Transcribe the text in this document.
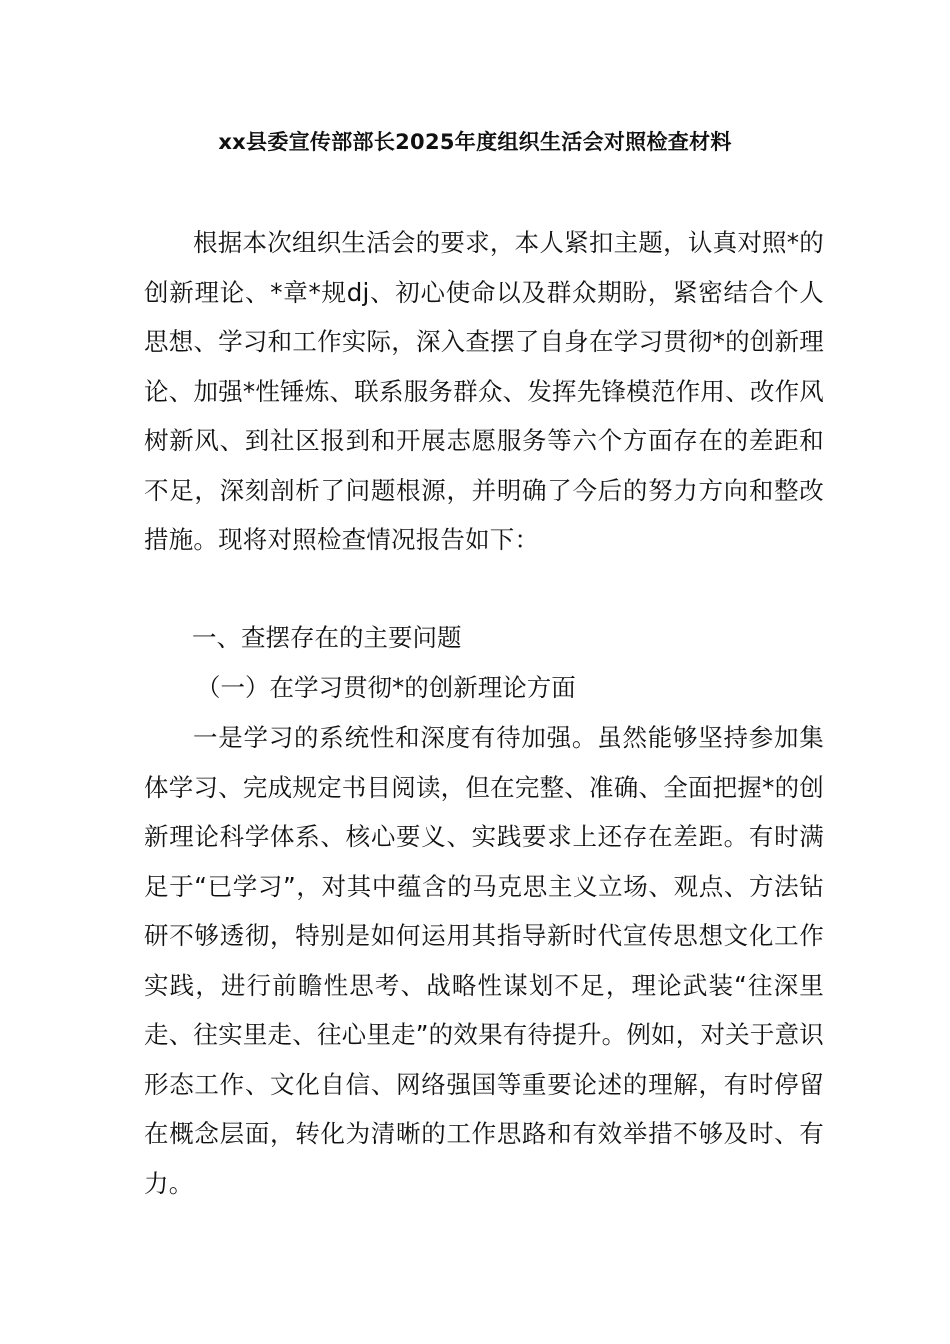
xx县委宣传部部长2025年度组织生活会对照检查材料
根据本次组织生活会的要求，本人紧扣主题，认真对照*的创新理论、*章*规dj、初心使命以及群众期盼，紧密结合个人思想、学习和工作实际，深入查摆了自身在学习贯彻*的创新理论、加强*性锤炼、联系服务群众、发挥先锋模范作用、改作风树新风、到社区报到和开展志愿服务等六个方面存在的差距和不足，深刻剖析了问题根源，并明确了今后的努力方向和整改措施。现将对照检查情况报告如下：
一、查摆存在的主要问题
（一）在学习贯彻*的创新理论方面
一是学习的系统性和深度有待加强。虽然能够坚持参加集体学习、完成规定书目阅读，但在完整、准确、全面把握*的创新理论科学体系、核心要义、实践要求上还存在差距。有时满足于“已学习”，对其中蕴含的马克思主义立场、观点、方法钻研不够透彻，特别是如何运用其指导新时代宣传思想文化工作实践，进行前瞻性思考、战略性谋划不足，理论武装“往深里走、往实里走、往心里走”的效果有待提升。例如，对关于意识形态工作、文化自信、网络强国等重要论述的理解，有时停留在概念层面，转化为清晰的工作思路和有效举措不够及时、有力。
